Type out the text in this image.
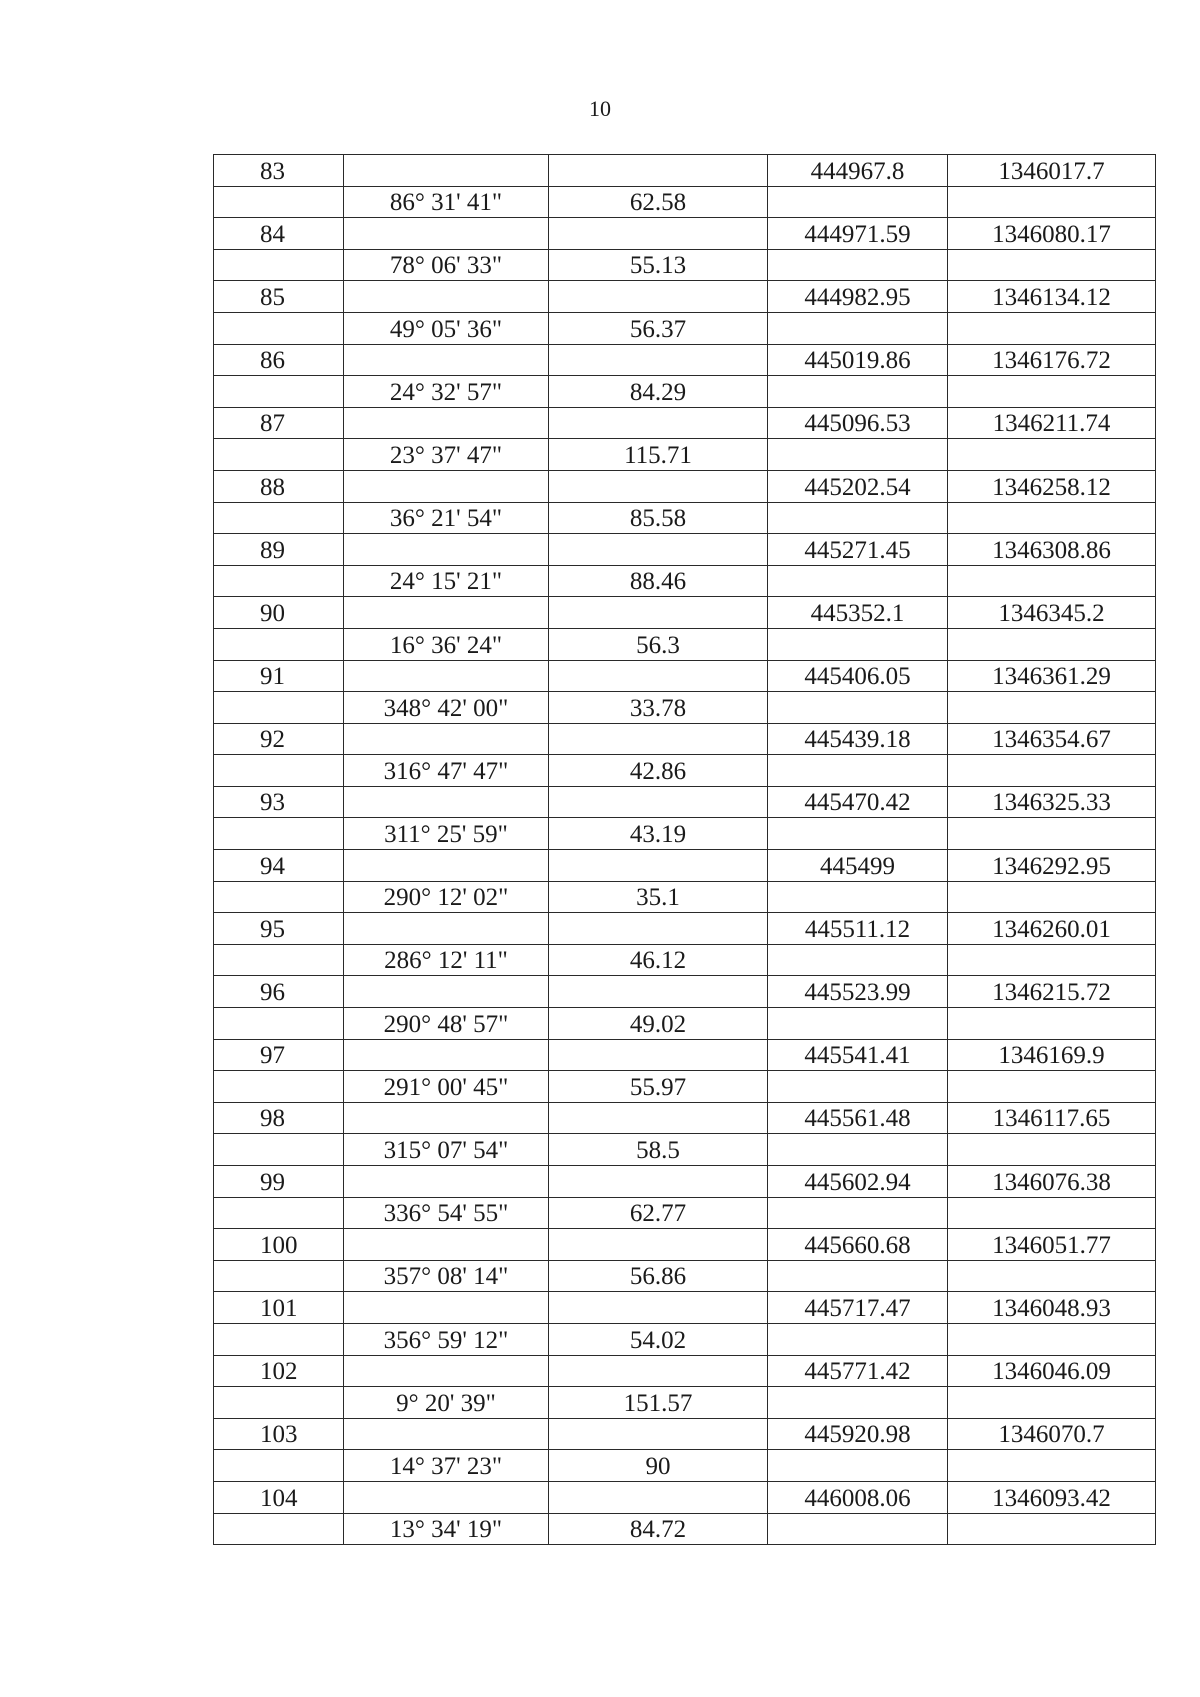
10
83			444967.8	1346017.7
	86° 31' 41"	62.58		
84			444971.59	1346080.17
	78° 06' 33"	55.13		
85			444982.95	1346134.12
	49° 05' 36"	56.37		
86			445019.86	1346176.72
	24° 32' 57"	84.29		
87			445096.53	1346211.74
	23° 37' 47"	115.71		
88			445202.54	1346258.12
	36° 21' 54"	85.58		
89			445271.45	1346308.86
	24° 15' 21"	88.46		
90			445352.1	1346345.2
	16° 36' 24"	56.3		
91			445406.05	1346361.29
	348° 42' 00"	33.78		
92			445439.18	1346354.67
	316° 47' 47"	42.86		
93			445470.42	1346325.33
	311° 25' 59"	43.19		
94			445499	1346292.95
	290° 12' 02"	35.1		
95			445511.12	1346260.01
	286° 12' 11"	46.12		
96			445523.99	1346215.72
	290° 48' 57"	49.02		
97			445541.41	1346169.9
	291° 00' 45"	55.97		
98			445561.48	1346117.65
	315° 07' 54"	58.5		
99			445602.94	1346076.38
	336° 54' 55"	62.77		
100			445660.68	1346051.77
	357° 08' 14"	56.86		
101			445717.47	1346048.93
	356° 59' 12"	54.02		
102			445771.42	1346046.09
	9° 20' 39"	151.57		
103			445920.98	1346070.7
	14° 37' 23"	90		
104			446008.06	1346093.42
	13° 34' 19"	84.72		
